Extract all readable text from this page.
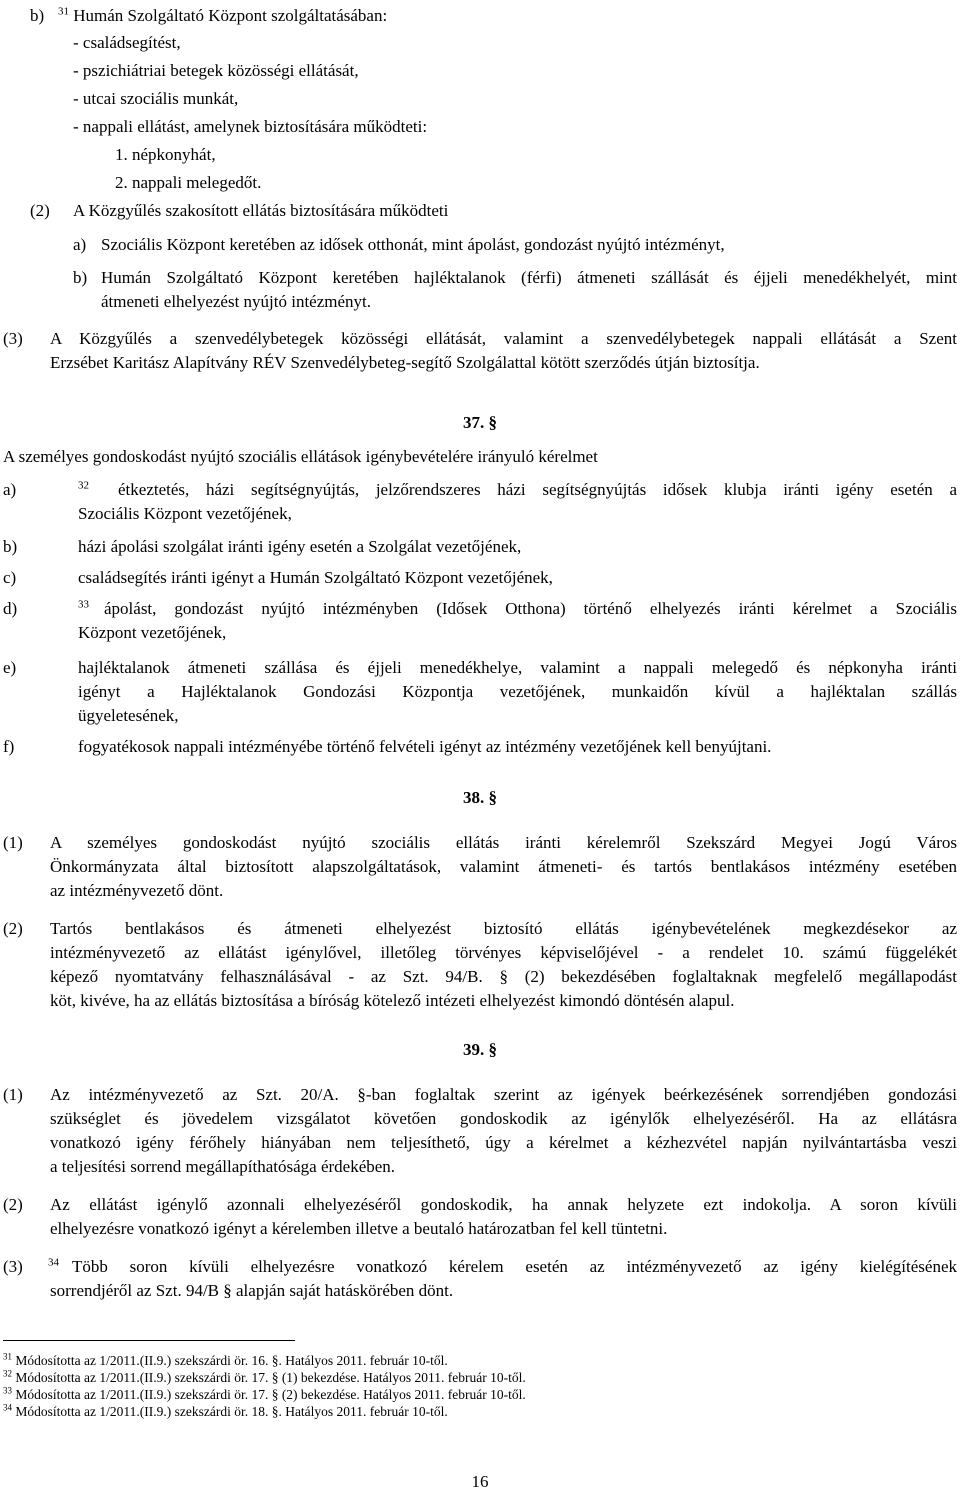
b) $^{31}$ Humán Szolgáltató Központ szolgáltatásában:
- családsegítést,
- pszichiátriai betegek közösségi ellátását,
- utcai szociális munkát,
- nappali ellátást, amelynek biztosítására működteti:
1. népkonyhát,
2. nappali melegedőt.
(2) A Közgyűlés szakosított ellátás biztosítására működteti
a) Szociális Központ keretében az idősek otthonát, mint ápolást, gondozást nyújtó intézményt,
b) Humán Szolgáltató Központ keretében hajléktalanok (férfi) átmeneti szállását és éjjeli menedékhelyét, mint
átmeneti elhelyezést nyújtó intézményt.
(3) A Közgyűlés a szenvedélybetegek közösségi ellátását, valamint a szenvedélybetegek nappali ellátását a Szent
Erzsébet Karitász Alapítvány RÉV Szenvedélybeteg-segítő Szolgálattal kötött szerződés útján biztosítja.
37. §
A személyes gondoskodást nyújtó szociális ellátások igénybevételére irányuló kérelmet
a)	$^{32}$ étkeztetés, házi segítségnyújtás, jelzőrendszeres házi segítségnyújtás idősek klubja iránti igény esetén a
Szociális Központ vezetőjének,
b)	házi ápolási szolgálat iránti igény esetén a Szolgálat vezetőjének,
c)	családsegítés iránti igényt a Humán Szolgáltató Központ vezetőjének,
d)	$^{33}$ ápolást, gondozást nyújtó intézményben (Idősek Otthona) történő elhelyezés iránti kérelmet a Szociális
Központ vezetőjének,
e)	hajléktalanok átmeneti szállása és éjjeli menedékhelye, valamint a nappali melegedő és népkonyha iránti
igényt a Hajléktalanok Gondozási Központja vezetőjének, munkaidőn kívül a hajléktalan szállás
ügyeletesének,
f)	fogyatékosok nappali intézményébe történő felvételi igényt az intézmény vezetőjének kell benyújtani.
38. §
(1) A személyes gondoskodást nyújtó szociális ellátás iránti kérelemről Szekszárd Megyei Jogú Város
Önkormányzata által biztosított alapszolgáltatások, valamint átmeneti- és tartós bentlakásos intézmény esetében
az intézményvezető dönt.
(2) Tartós bentlakásos és átmeneti elhelyezést biztosító ellátás igénybevételének megkezdésekor az
intézményvezető az ellátást igénylővel, illetőleg törvényes képviselőjével - a rendelet 10. számú függelékét
képező nyomtatvány felhasználásával - az Szt. 94/B. § (2) bekezdésében foglaltaknak megfelelő megállapodást
köt, kivéve, ha az ellátás biztosítása a bíróság kötelező intézeti elhelyezést kimondó döntésén alapul.
39. §
(1) Az intézményvezető az Szt. 20/A. §-ban foglaltak szerint az igények beérkezésének sorrendjében gondozási
szükséglet és jövedelem vizsgálatot követően gondoskodik az igénylők elhelyezéséről. Ha az ellátásra
vonatkozó igény férőhely hiányában nem teljesíthető, úgy a kérelmet a kézhezvétel napján nyilvántartásba veszi
a teljesítési sorrend megállapíthatósága érdekében.
(2) Az ellátást igénylő azonnali elhelyezéséről gondoskodik, ha annak helyzete ezt indokolja. A soron kívüli
elhelyezésre vonatkozó igényt a kérelemben illetve a beutaló határozatban fel kell tüntetni.
(3) $^{34}$ Több soron kívüli elhelyezésre vonatkozó kérelem esetén az intézményvezető az igény kielégítésének
sorrendjéről az Szt. 94/B § alapján saját hatáskörében dönt.
$^{31}$ Módosította az 1/2011.(II.9.) szekszárdi ör. 16. §. Hatályos 2011. február 10-től.
$^{32}$ Módosította az 1/2011.(II.9.) szekszárdi ör. 17. § (1) bekezdése. Hatályos 2011. február 10-től.
$^{33}$ Módosította az 1/2011.(II.9.) szekszárdi ör. 17. § (2) bekezdése. Hatályos 2011. február 10-től.
$^{34}$ Módosította az 1/2011.(II.9.) szekszárdi ör. 18. §. Hatályos 2011. február 10-től.
16
